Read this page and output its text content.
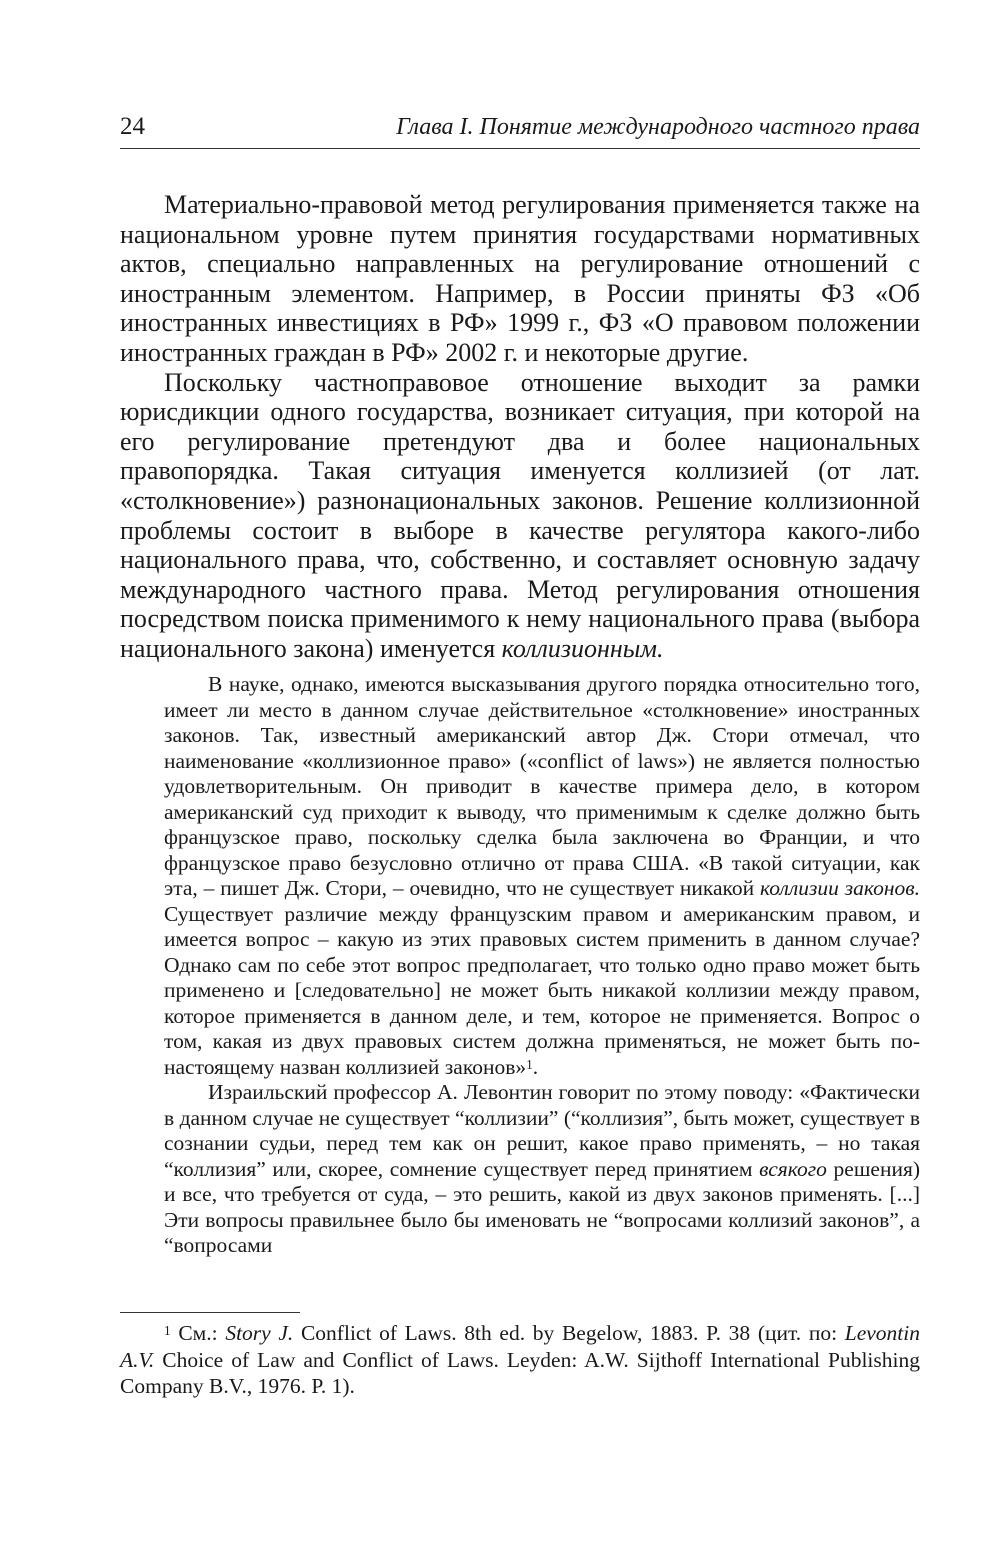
24	Глава I. Понятие международного частного права

Материально-правовой метод регулирования применяется также на национальном уровне путем принятия государствами нормативных актов, специально направленных на регулирование отношений с иностранным элементом. Например, в России приняты ФЗ «Об иностранных инвестициях в РФ» 1999 г., ФЗ «О правовом положении иностранных граждан в РФ» 2002 г. и некоторые другие.

Поскольку частноправовое отношение выходит за рамки юрисдикции одного государства, возникает ситуация, при которой на его регулирование претендуют два и более национальных правопорядка. Такая ситуация именуется коллизией (от лат. «столкновение») разнонациональных законов. Решение коллизионной проблемы состоит в выборе в качестве регулятора какого-либо национального права, что, собственно, и составляет основную задачу международного частного права. Метод регулирования отношения посредством поиска применимого к нему национального права (выбора национального закона) именуется коллизионным.

В науке, однако, имеются высказывания другого порядка относительно того, имеет ли место в данном случае действительное «столкновение» иностранных законов. Так, известный американский автор Дж. Стори отмечал, что наименование «коллизионное право» («conflict of laws») не является полностью удовлетворительным. Он приводит в качестве примера дело, в котором американский суд приходит к выводу, что применимым к сделке должно быть французское право, поскольку сделка была заключена во Франции, и что французское право безусловно отлично от права США. «В такой ситуации, как эта, – пишет Дж. Стори, – очевидно, что не существует никакой коллизии законов. Существует различие между французским правом и американским правом, и имеется вопрос – какую из этих правовых систем применить в данном случае? Однако сам по себе этот вопрос предполагает, что только одно право может быть применено и [следовательно] не может быть никакой коллизии между правом, которое применяется в данном деле, и тем, которое не применяется. Вопрос о том, какая из двух правовых систем должна применяться, не может быть по-настоящему назван коллизией законов»$^1$.

Израильский профессор А. Левонтин говорит по этому поводу: «Фактически в данном случае не существует “коллизии” (“коллизия”, быть может, существует в сознании судьи, перед тем как он решит, какое право применять, – но такая “коллизия” или, скорее, сомнение существует перед принятием всякого решения) и все, что требуется от суда, – это решить, какой из двух законов применять. [...] Эти вопросы правильнее было бы именовать не “вопросами коллизий законов”, а “вопросами

$^1$ См.: Story J. Conflict of Laws. 8th ed. by Begelow, 1883. P. 38 (цит. по: Levontin A.V. Choice of Law and Conflict of Laws. Leyden: A.W. Sijthoff International Publishing Company B.V., 1976. P. 1).
